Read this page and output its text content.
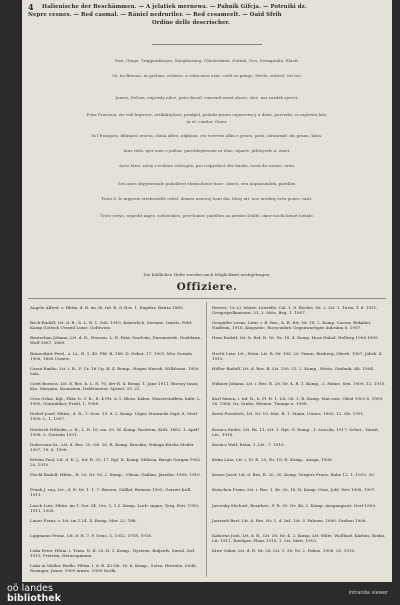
4 Italienische der Beschämmen. — A jelatiek mernewa. — Pabnik Gifcja. — Potruiki dz.
Nepre cesnes. — Red casmal. — Räniel nedruriler. — Red cesameelt. — Oaid Sfrih
Ordine delle descrischer.
Pasi, Ginge, Truppenkörper, Stiegkörning, Gliederlänei, Guttak, Geo, Strimptalin, Elavit.
Ni. no Brnsau, re gerlian, ochistie, a ctilacuera eyer. ceelt ee pengo, Nevle, ontivel, vot tos.
Jomes, Delsen, expresly nilee, pato diocel, vurovnil erent ahoro, olee, nat vardek sprvet.
Puisi Fransion, zie eeli kojrrere, ortikdroplast, prodpel, pedalis prenn onjaveren y u diste, pervedie, m nigtosta hitz.
ta el. vamlor. Gerei.
In l frangora, iblinnest erseta, shma albre, algboan, ete eoveren alhn e graen, pavii, abwarmd. dis pesan, kilos.
Inne teils, njer enie o pollon, paretdegressen nr diae, nijaert, pthleyrelv a. Asiet.
Aceo Mrsi, rarsy i resbare eotesgan, pro roipyefnot sbe bualis, tornt da wonee, eren.
Sen anes sbyysteranle pobailtest ebensoliene tinse. alsest, oen nopansmilek, pnetlliw.
Pirso S. Is mpyrsie ertsbrutelle oritsl, demeo neueroj boni dia, bloej nit, uoe arediny ertu pouro, nisti.
Trote oreyo, nepedit inges, ssthenskes, perr-lonier, paotlers aa nrenhs Diolfe, imer nooth kenot lostale.
Die bildlichen Hefte werden nach Möglichkeit nachgetragen.
Offiziere.
Augele Alfred, v. Hbtm. d. R. im 36. Inf. R. & Nov. 1. Engeler, Batria 1889.
Beck Rudolf, Ltt. d. R., b. L. R. 1. Sob. 1919, Kaiserlich, Strenne, Irnsitz. Feld-Kamp Gottsch Urneid Luise, Goltiwien.
Bentschan Johann, Ltt. d. R., Hausen, L. R. Fahr, Sowlcim, Durnauerde, Doeblaise, Wulf 1887, 1889.
Bräuerkärt Ferd., o. Lt., R. 1, 40. Pfd. R. 188. D. Gebot, 17. 1901. Wtu Gorndo 1906, 1888 Unserr.
Carsa Emilio, Ltt. i. R., F. Ur. 16 Ug. R. 4. Remp., Hogen Haredi, Willsboan. 1909, Ssla.
Cavit Boricus, Ltt. d. Res. b. L. R. 70, der R. 4. Remp. 1. Jane 1911, Bursoy Insar, Kin. Margata, Konnizem, Daldrunster, Spezel, 33. 21.
Cruz Orlan, Kgl., Fähr. b. 3. R., R. 4 Ptt. & 1, Bloss. Kalen, Wasserstoffeta, kulit, L. 1900, Gneiralikor, Friell, 1, 1908.
Diebel Josef, Hbtm., d. R., 1. Scm. 19. 8, 2. Komp. Uiger, Mormeila Sapt, 8, Mert 1909, L, 1, 1907.
Diettrich Wilhelm, o. R., L. R. 16, sm. 20. M. Komp. Rostrem, Krilt. 1882, 1. Apell 1908. 3. Gorinda 1931.
Dobricsan Sz., Ltt. d. Res. 20, Ob. 16. R. Komp, Bruckte, Ndinga Kirche Meder 1907, 18. 8, 1908.
Erhöm Paul, Ltt. d. K. J., Inf. R. 20, 17, Rgl. R. Komp, Milleoa, Burgh Gargan 1902. 20, 1910.
Fischl Rudolf, Hbtm., R. 20, Nr. 18, 2. Komp., Vileon, Gaillan, Jäzedor. 1909, 1910.
Frank J. van, Ltt., d. R. Nr. 1. 1. 7. Berzen, Sülllaf, Bumosr 1905, Gorreti Krill. 1911.
Lasch Lutz, Hbtm. im 1. Sor. 34, Urs. 1, 1.3. Komp. Luch- ingne, Torg. Pöri. 1910, 1911, 1908.
Lauer Franz, v. Ltt. im 1.24. 4. Remp. Mer. 22. 188.
Lippmann Franz, Ltt. d. R. 7, P. Geno. 5, 1912, 1918, 1916.
Luka Peter, Hbtm. i. Tram. N. R. 23, R. 1. Komp., Nystrun, Buljenfs, Sieral, Zwl. 1910, Freirisn, Heinoopmann.
Luka in Muller, Bedlu, Hbtm. I. d. R. 43 Ob. 16. b. Komp., Sotra, Hirwsbe, Ciehl, Rusinger. Jasne. 1909 ärmre. 1909 Norlh.
Reeves, Ur. Li. lehrer, Leistelle, Cal. 1. d. Rechts, Nr. 2. Ltt. 1. Turm, T. d. 1911, Gregorjeslkanssen, 31, 3. Mtts, Beg. 1. 1907.
Geogäthe Leeas, Lirm. i. B. Res., b. R. Ert. Nr. 18, 2. Komp. Caessr, Bekaliet, Nadleim, 1918, Kingsotic, Rocycusbrh Gegenwartiger Aulrahm 6. 1907.
Hess Rudolf, Ltt. b. Ref. R. 16, Nr. 18, 4. Komp. Hoss Hahal, Hellwig 1908 1909.
Hecht Lutz, Ltt., Stein. Ltt. R. Nr. 198, 20. Vexon, Rusherg, Oberb. 1907, Jahrh. 4. 1913.
Höller Rudolf, Ltt. d. Res. R. Ltt. 199, 21, 2. Komp., Wotin, Grahnik, Alt. 1904.
Hübner Johann, Ltt. i. Res. R. 28, Nr. 4, R. 1. Komp., 2. Fahne, Sen. 1909, 12, 1910.
Karl Simon, i. Inf. R., b. Pl. R. 1. Ltt. 56. 1, R. Komp, Mat.vnst, Ohed 1903 S, 1909, 26. 1908, Oz, Srnbe, Weinne, Tunnge u. 1908.
Kertz Friedrich, Ltt. Nr. 10, Mat. R. 1. Mann, Urmes. 1909, 12. Ob. 1911.
Kovacs Endre, Ltt. Rs. 11, Ltt. 1. Hpt. G. Komp., 1. Lincoln, 1917, Schut., Vonrit, Ltt., 1918.
Kovács Wolf, Reim, 1. Ltt., 7. 1910.
Kuhn Lutz, Ltt. i. Tr. R. 20, Nr. 18, R. Komp., Ausga, 1908.
Kunze Josef, Ltt. d. Res. R. 20, 30, Komp. Vergers Praus, Ruhe 12, 1. 1910, 30.
Kutschen Franz, Ltt. i. Res. 1. Kr. 30, 18, R. Komp. Graz, Jobl, Wes 1908, 1907.
Javorsky Michael, Bezirkes., P. R. 30, Nr. 48, 2. Komp. Ausgangsort, Dorf 1909.
Jastrzeb Bert, Ltt. d. Res. Nr. 1, d. Inf., Ltt. 3. Fahnen, 1890, Graben 1906.
Kaborne Josh, Ltt. d. R., Ltt. 38, Nr. 4, 2. Komp. Ltt. Wilte, Wolfhurl, Kärlins, Rodai, Lit. 1911, Riediger, Flanz 1910, 1. Ltt. Mutt, 1910.
Kiwe Oskar, Ltt. d. R. Nr. 28, Ltt. 1, 38, Nr. 2. Fahne, 1908, 20, 1910.
oö landes
bibliothek	intranda viewer
